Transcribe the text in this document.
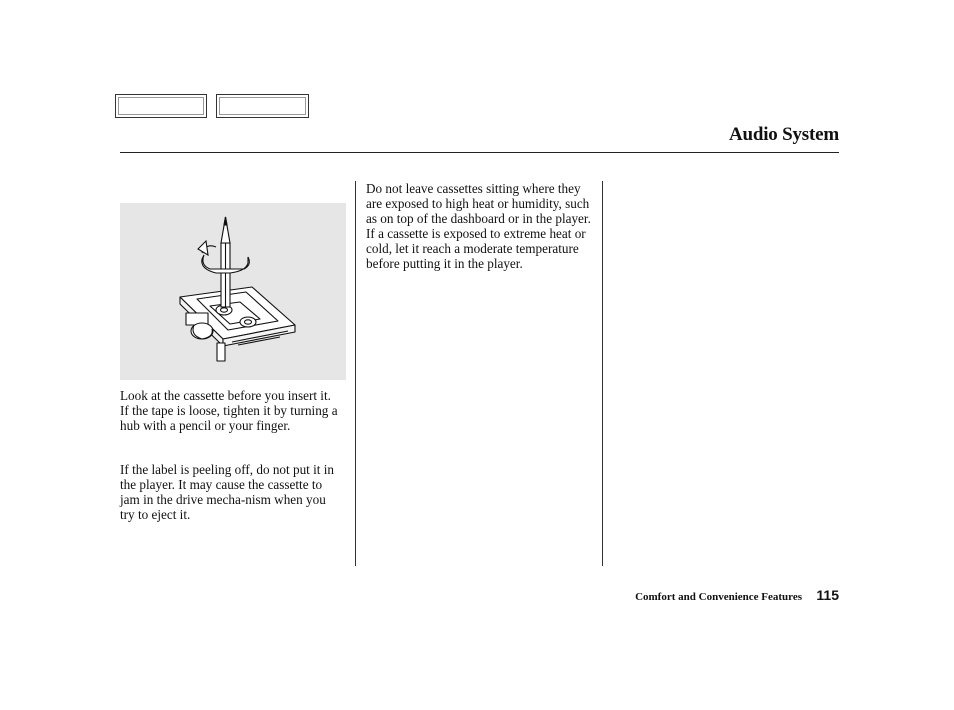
Audio System

Look at the cassette before you insert it. If the tape is loose, tighten it by turning a hub with a pencil or your finger.

If the label is peeling off, do not put it in the player. It may cause the cassette to jam in the drive mecha-nism when you try to eject it.

Do not leave cassettes sitting where they are exposed to high heat or humidity, such as on top of the dashboard or in the player. If a cassette is exposed to extreme heat or cold, let it reach a moderate temperature before putting it in the player.

Comfort and Convenience Features 115
